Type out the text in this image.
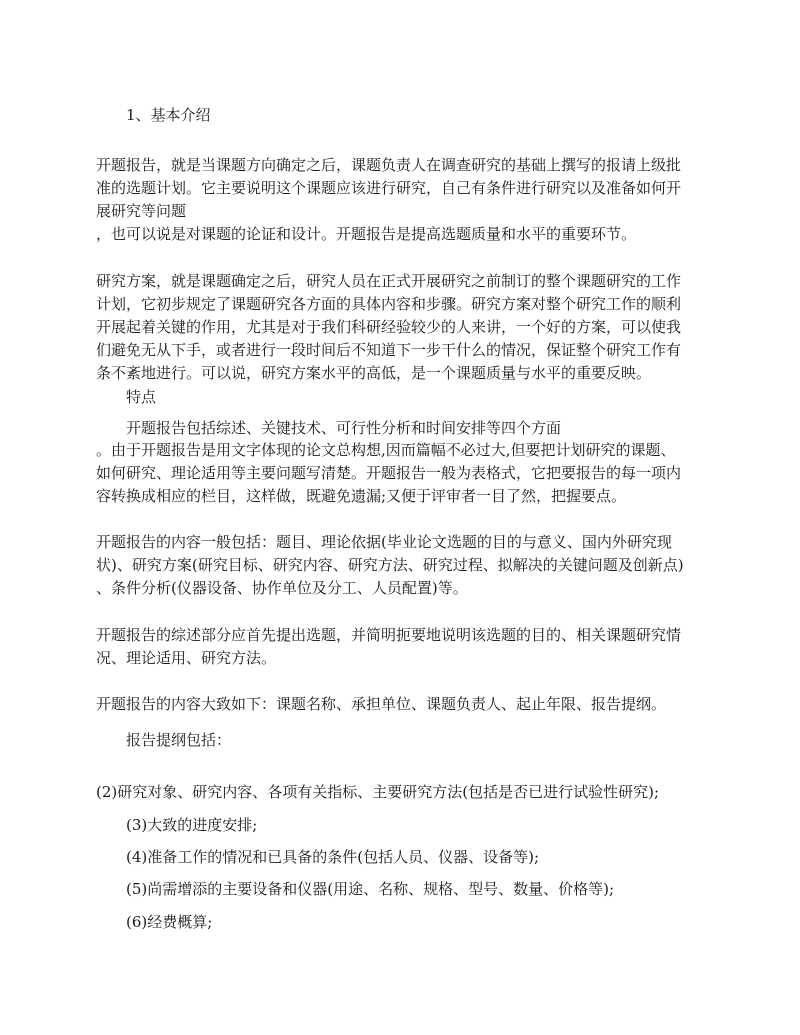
1、基本介绍

开题报告，就是当课题方向确定之后，课题负责人在调查研究的基础上撰写的报请上级批

准的选题计划。它主要说明这个课题应该进行研究，自己有条件进行研究以及准备如何开

展研究等问题

，也可以说是对课题的论证和设计。开题报告是提高选题质量和水平的重要环节。

研究方案，就是课题确定之后，研究人员在正式开展研究之前制订的整个课题研究的工作

计划，它初步规定了课题研究各方面的具体内容和步骤。研究方案对整个研究工作的顺利

开展起着关键的作用，尤其是对于我们科研经验较少的人来讲，一个好的方案，可以使我

们避免无从下手，或者进行一段时间后不知道下一步干什么的情况，保证整个研究工作有

条不紊地进行。可以说，研究方案水平的高低，是一个课题质量与水平的重要反映。

特点

开题报告包括综述、关键技术、可行性分析和时间安排等四个方面

。由于开题报告是用文字体现的论文总构想,因而篇幅不必过大,但要把计划研究的课题、

如何研究、理论适用等主要问题写清楚。开题报告一般为表格式，它把要报告的每一项内

容转换成相应的栏目，这样做，既避免遗漏;又便于评审者一目了然，把握要点。

开题报告的内容一般包括：题目、理论依据(毕业论文选题的目的与意义、国内外研究现

状)、研究方案(研究目标、研究内容、研究方法、研究过程、拟解决的关键问题及创新点)

、条件分析(仪器设备、协作单位及分工、人员配置)等。

开题报告的综述部分应首先提出选题，并简明扼要地说明该选题的目的、相关课题研究情

况、理论适用、研究方法。

开题报告的内容大致如下：课题名称、承担单位、课题负责人、起止年限、报告提纲。

报告提纲包括：

(2)研究对象、研究内容、各项有关指标、主要研究方法(包括是否已进行试验性研究);

(3)大致的进度安排;

(4)准备工作的情况和已具备的条件(包括人员、仪器、设备等);

(5)尚需增添的主要设备和仪器(用途、名称、规格、型号、数量、价格等);

(6)经费概算;
